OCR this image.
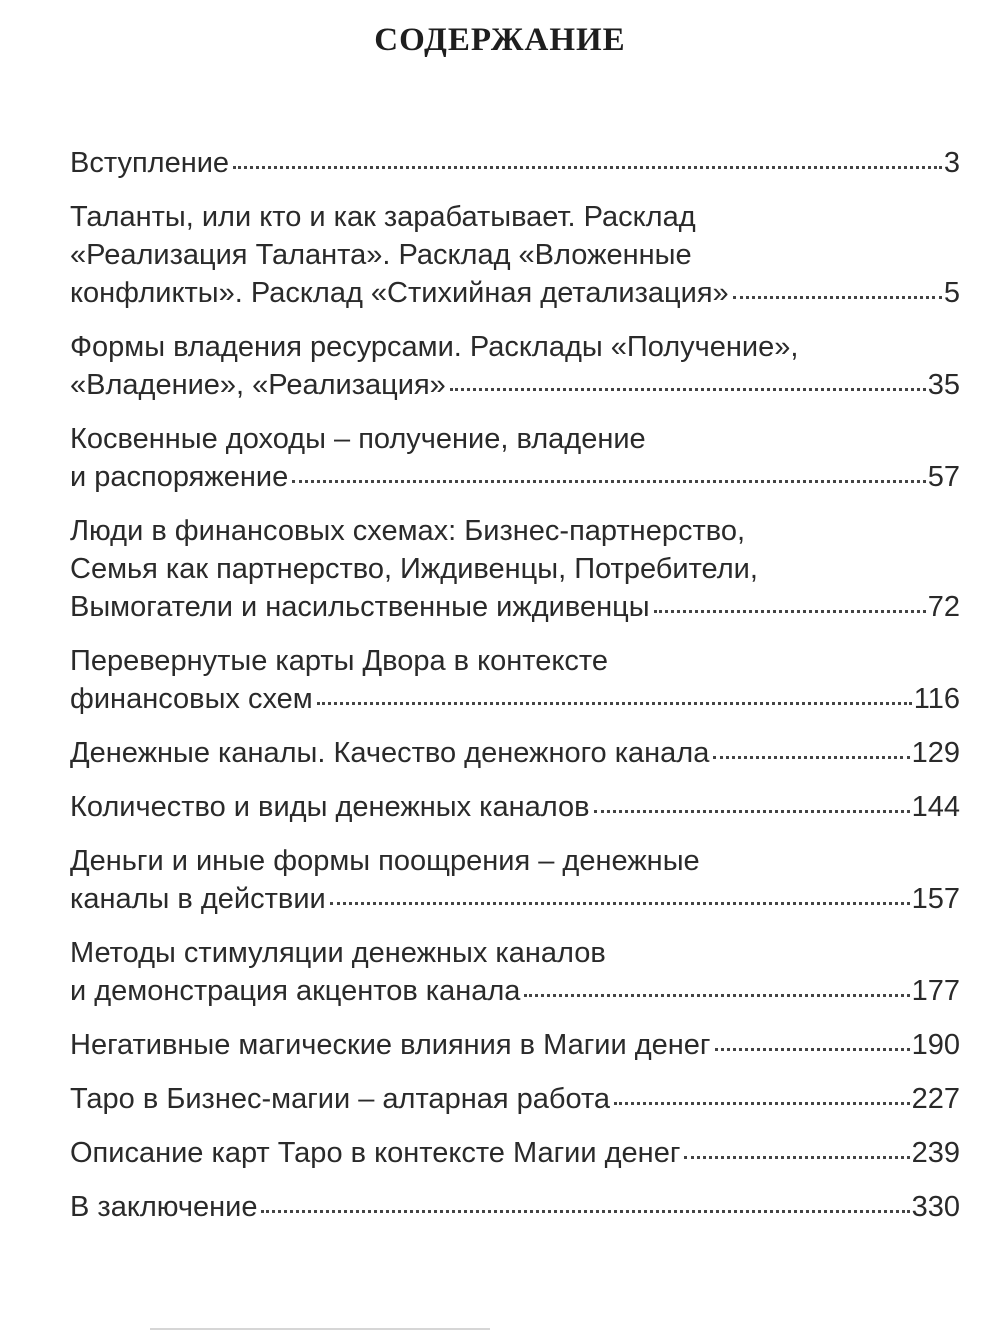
СОДЕРЖАНИЕ
Вступление	3
Таланты, или кто и как зарабатывает. Расклад
«Реализация Таланта». Расклад «Вложенные
конфликты». Расклад «Стихийная детализация»	5
Формы владения ресурсами. Расклады «Получение»,
«Владение», «Реализация»	35
Косвенные доходы – получение, владение
и распоряжение	57
Люди в финансовых схемах: Бизнес-партнерство,
Семья как партнерство, Иждивенцы, Потребители,
Вымогатели и насильственные иждивенцы	72
Перевернутые карты Двора в контексте
финансовых схем	116
Денежные каналы. Качество денежного канала	129
Количество и виды денежных каналов	144
Деньги и иные формы поощрения – денежные
каналы в действии	157
Методы стимуляции денежных каналов
и демонстрация акцентов канала	177
Негативные магические влияния в Магии денег	190
Таро в Бизнес-магии – алтарная работа	227
Описание карт Таро в контексте Магии денег	239
В заключение	330
